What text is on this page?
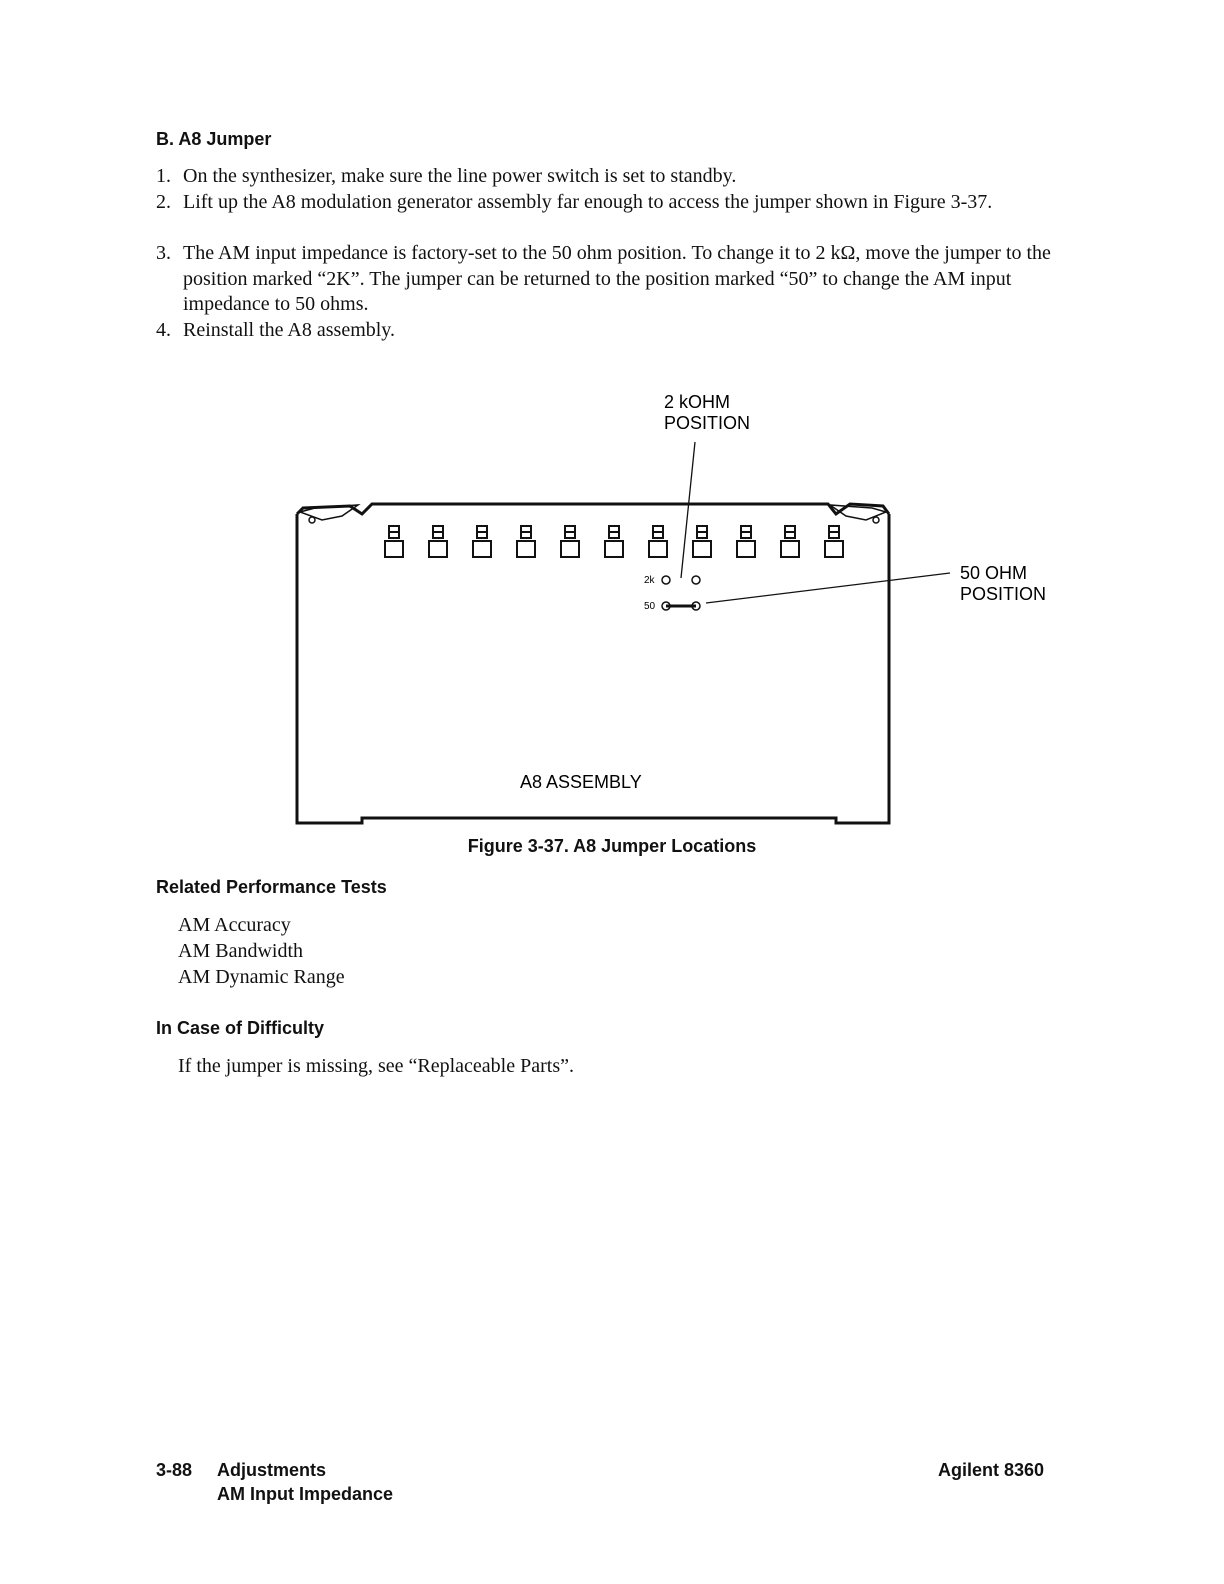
B. A8 Jumper
1. On the synthesizer, make sure the line power switch is set to standby.
2. Lift up the A8 modulation generator assembly far enough to access the jumper shown in Figure 3-37.
3. The AM input impedance is factory-set to the 50 ohm position. To change it to 2 kΩ, move the jumper to the position marked “2K”. The jumper can be returned to the position marked “50” to change the AM input impedance to 50 ohms.
4. Reinstall the A8 assembly.
2k
50
2 kOHM
POSITION
50 OHM
POSITION
A8 ASSEMBLY
Figure 3-37. A8 Jumper Locations
Related Performance Tests
AM Accuracy
AM Bandwidth
AM Dynamic Range
In Case of Difficulty
If the jumper is missing, see “Replaceable Parts”.
3-88 Adjustments
AM Input Impedance
Agilent 8360
